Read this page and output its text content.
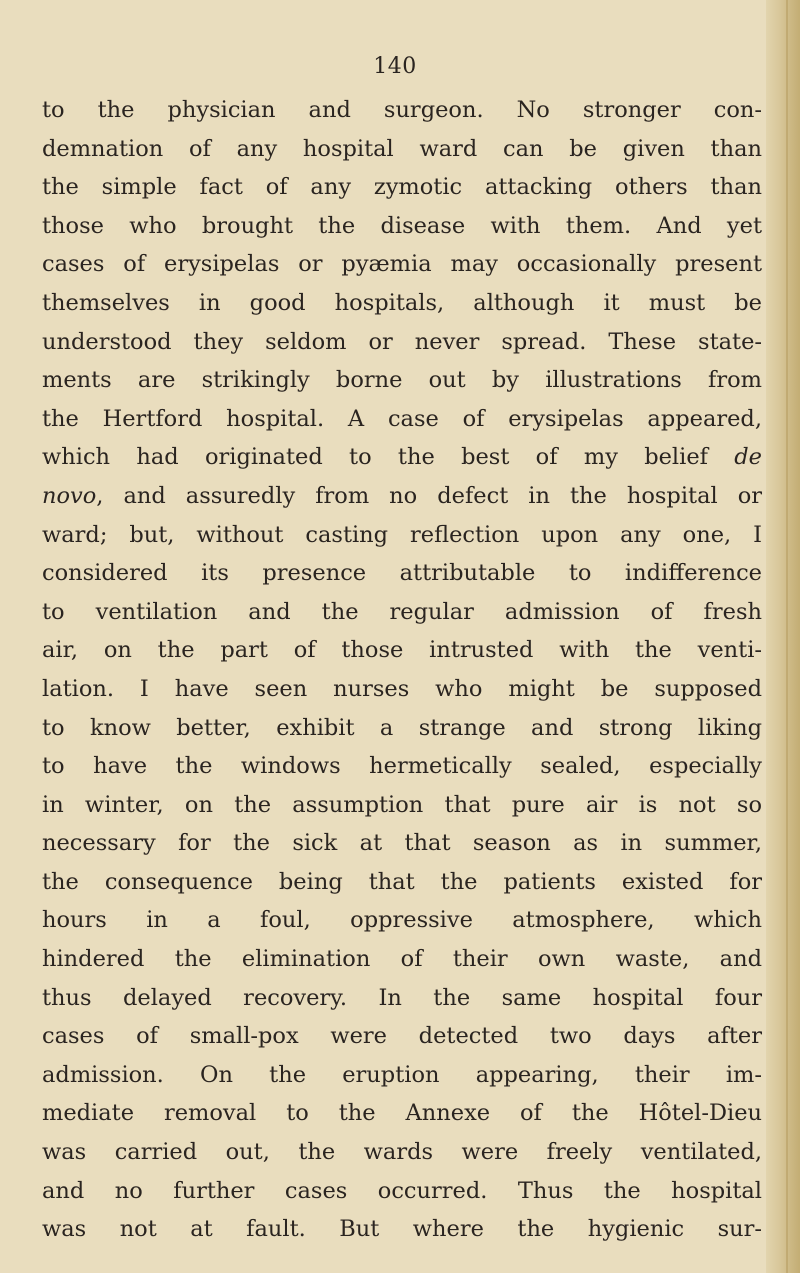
140
to the physician and surgeon. No stronger con-
demnation of any hospital ward can be given than
the simple fact of any zymotic attacking others than
those who brought the disease with them. And yet
cases of erysipelas or pyæmia may occasionally present
themselves in good hospitals, although it must be
understood they seldom or never spread. These state-
ments are strikingly borne out by illustrations from
the Hertford hospital. A case of erysipelas appeared,
which had originated to the best of my belief de
novo, and assuredly from no defect in the hospital or
ward; but, without casting reflection upon any one, I
considered its presence attributable to indifference
to ventilation and the regular admission of fresh
air, on the part of those intrusted with the venti-
lation. I have seen nurses who might be supposed
to know better, exhibit a strange and strong liking
to have the windows hermetically sealed, especially
in winter, on the assumption that pure air is not so
necessary for the sick at that season as in summer,
the consequence being that the patients existed for
hours in a foul, oppressive atmosphere, which
hindered the elimination of their own waste, and
thus delayed recovery. In the same hospital four
cases of small-pox were detected two days after
admission. On the eruption appearing, their im-
mediate removal to the Annexe of the Hôtel-Dieu
was carried out, the wards were freely ventilated,
and no further cases occurred. Thus the hospital
was not at fault. But where the hygienic sur-
